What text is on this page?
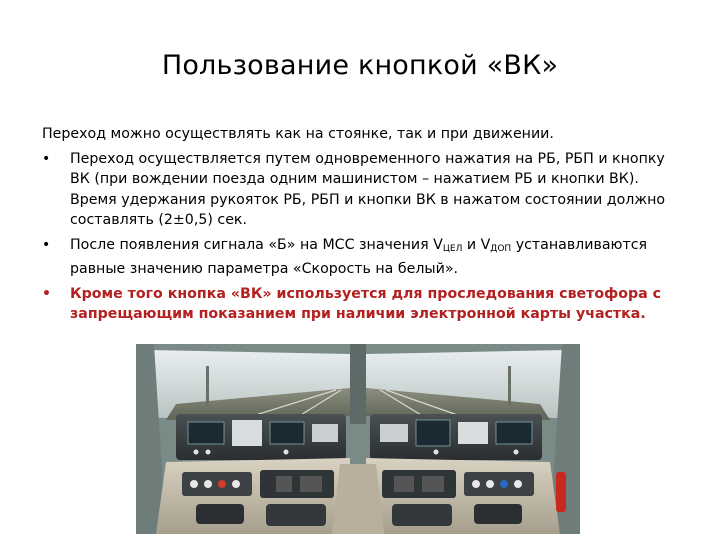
Пользование кнопкой «ВК»

Переход можно осуществлять как на стоянке, так и при движении.

• Переход осуществляется путем одновременного нажатия на РБ, РБП и кнопку ВК (при вождении поезда одним машинистом – нажатием РБ и кнопки ВК). Время удержания рукояток РБ, РБП и кнопки ВК в нажатом состоянии должно составлять (2±0,5) сек.
• После появления сигнала «Б» на МСС значения $V_{ЦЕЛ}$ и $V_{ДОП}$ устанавливаются равные значению параметра «Скорость на белый».
• Кроме того кнопка «ВК» используется для проследования светофора с запрещающим показанием при наличии электронной карты участка.
